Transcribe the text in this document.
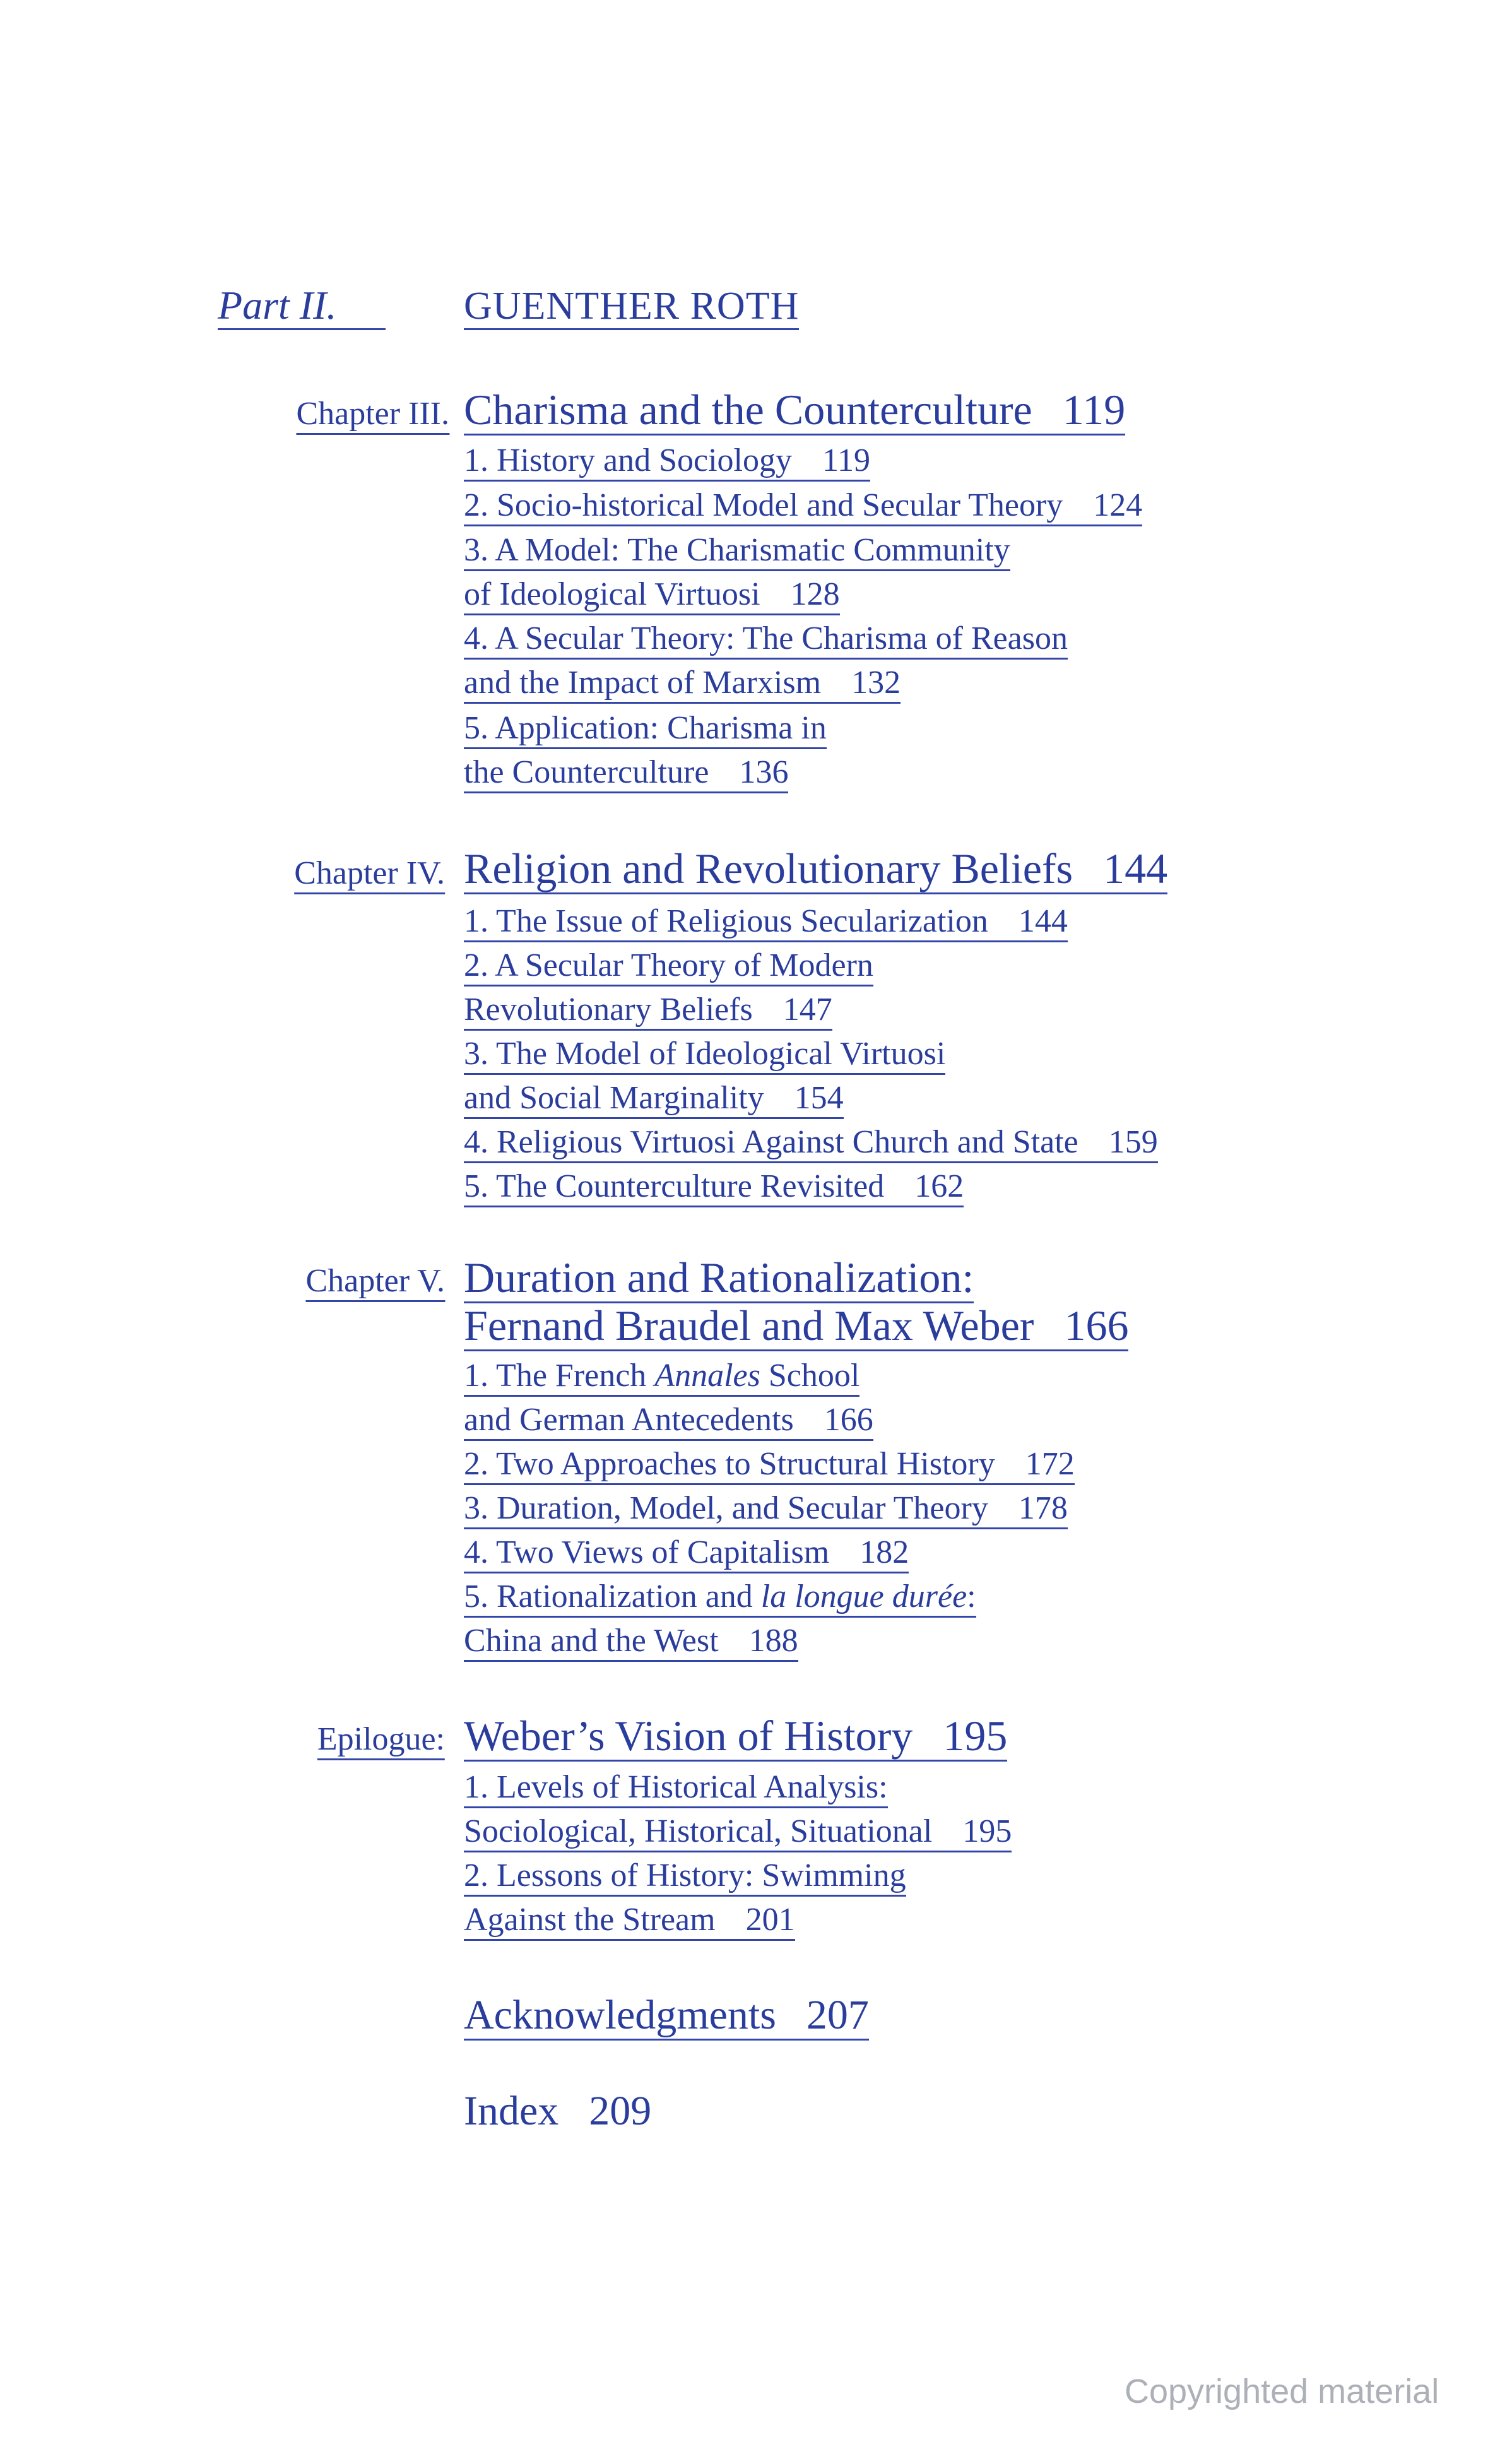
Part II.	GUENTHER ROTH
Chapter III. Charisma and the Counterculture 119
1. History and Sociology 119
2. Socio-historical Model and Secular Theory 124
3. A Model: The Charismatic Community
of Ideological Virtuosi 128
4. A Secular Theory: The Charisma of Reason
and the Impact of Marxism 132
5. Application: Charisma in
the Counterculture 136
Chapter IV. Religion and Revolutionary Beliefs 144
1. The Issue of Religious Secularization 144
2. A Secular Theory of Modern
Revolutionary Beliefs 147
3. The Model of Ideological Virtuosi
and Social Marginality 154
4. Religious Virtuosi Against Church and State 159
5. The Counterculture Revisited 162
Chapter V. Duration and Rationalization:
Fernand Braudel and Max Weber 166
1. The French Annales School
and German Antecedents 166
2. Two Approaches to Structural History 172
3. Duration, Model, and Secular Theory 178
4. Two Views of Capitalism 182
5. Rationalization and la longue durée:
China and the West 188
Epilogue: Weber’s Vision of History 195
1. Levels of Historical Analysis:
Sociological, Historical, Situational 195
2. Lessons of History: Swimming
Against the Stream 201
Acknowledgments 207
Index 209
Copyrighted material
